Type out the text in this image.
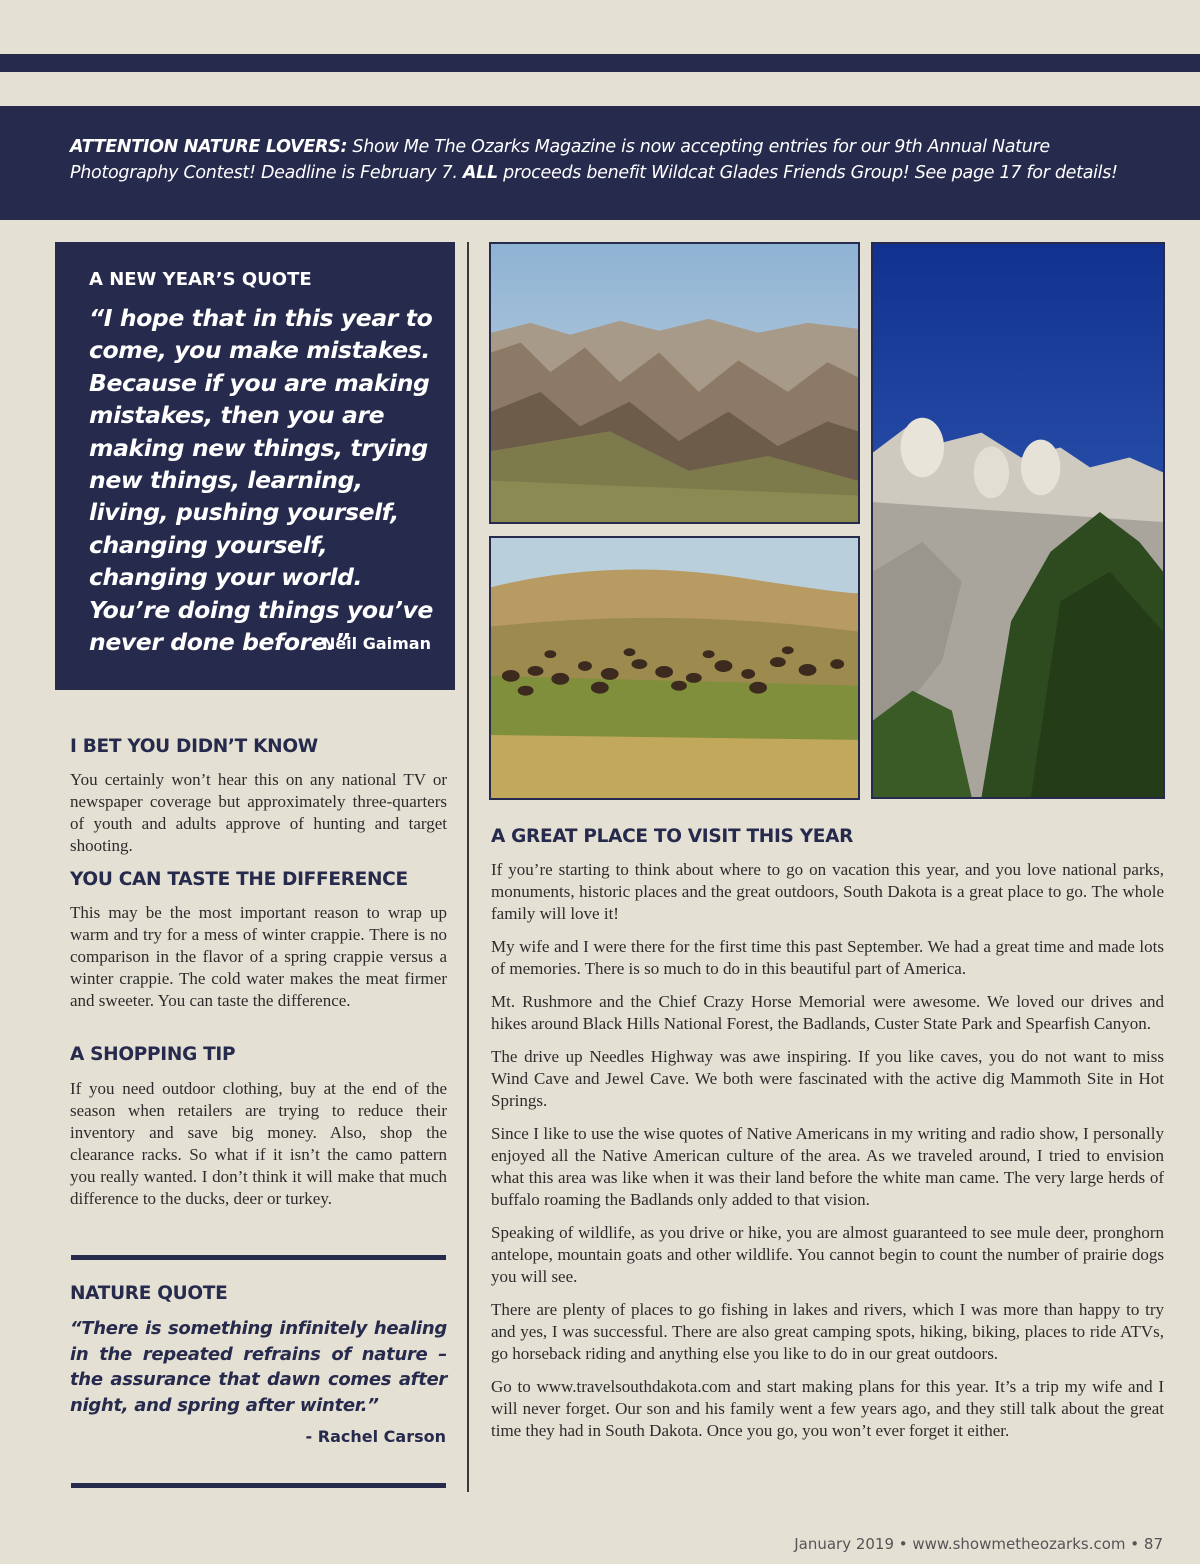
ATTENTION NATURE LOVERS: Show Me The Ozarks Magazine is now accepting entries for our 9th Annual Nature Photography Contest! Deadline is February 7. ALL proceeds benefit Wildcat Glades Friends Group! See page 17 for details!

A NEW YEAR’S QUOTE
“I hope that in this year to come, you make mistakes. Because if you are making mistakes, then you are making new things, trying new things, learning, living, pushing yourself, changing yourself, changing your world. You’re doing things you’ve never done before.”
-Neil Gaiman
I BET YOU DIDN’T KNOW
You certainly won’t hear this on any national TV or newspaper coverage but approximately three-quarters of youth and adults approve of hunting and target shooting.
YOU CAN TASTE THE DIFFERENCE
This may be the most important reason to wrap up warm and try for a mess of winter crappie. There is no comparison in the flavor of a spring crappie versus a winter crappie. The cold water makes the meat firmer and sweeter. You can taste the difference.
A SHOPPING TIP
If you need outdoor clothing, buy at the end of the season when retailers are trying to reduce their inventory and save big money. Also, shop the clearance racks. So what if it isn’t the camo pattern you really wanted. I don’t think it will make that much difference to the ducks, deer or turkey.
NATURE QUOTE
“There is something infinitely healing in the repeated refrains of nature – the assurance that dawn comes after night, and spring after winter.”
- Rachel Carson
A GREAT PLACE TO VISIT THIS YEAR

If you’re starting to think about where to go on vacation this year, and you love national parks, monuments, historic places and the great outdoors, South Dakota is a great place to go. The whole family will love it!

My wife and I were there for the first time this past September. We had a great time and made lots of memories. There is so much to do in this beautiful part of America.

Mt. Rushmore and the Chief Crazy Horse Memorial were awesome. We loved our drives and hikes around Black Hills National Forest, the Badlands, Custer State Park and Spearfish Canyon.

The drive up Needles Highway was awe inspiring. If you like caves, you do not want to miss Wind Cave and Jewel Cave. We both were fascinated with the active dig Mammoth Site in Hot Springs.

Since I like to use the wise quotes of Native Americans in my writing and radio show, I personally enjoyed all the Native American culture of the area. As we traveled around, I tried to envision what this area was like when it was their land before the white man came. The very large herds of buffalo roaming the Badlands only added to that vision.

Speaking of wildlife, as you drive or hike, you are almost guaranteed to see mule deer, pronghorn antelope, mountain goats and other wildlife. You cannot begin to count the number of prairie dogs you will see.

There are plenty of places to go fishing in lakes and rivers, which I was more than happy to try and yes, I was successful. There are also great camping spots, hiking, biking, places to ride ATVs, go horseback riding and anything else you like to do in our great outdoors.

Go to www.travelsouthdakota.com and start making plans for this year. It’s a trip my wife and I will never forget. Our son and his family went a few years ago, and they still talk about the great time they had in South Dakota. Once you go, you won’t ever forget it either.

January 2019 • www.showmetheozarks.com • 87
